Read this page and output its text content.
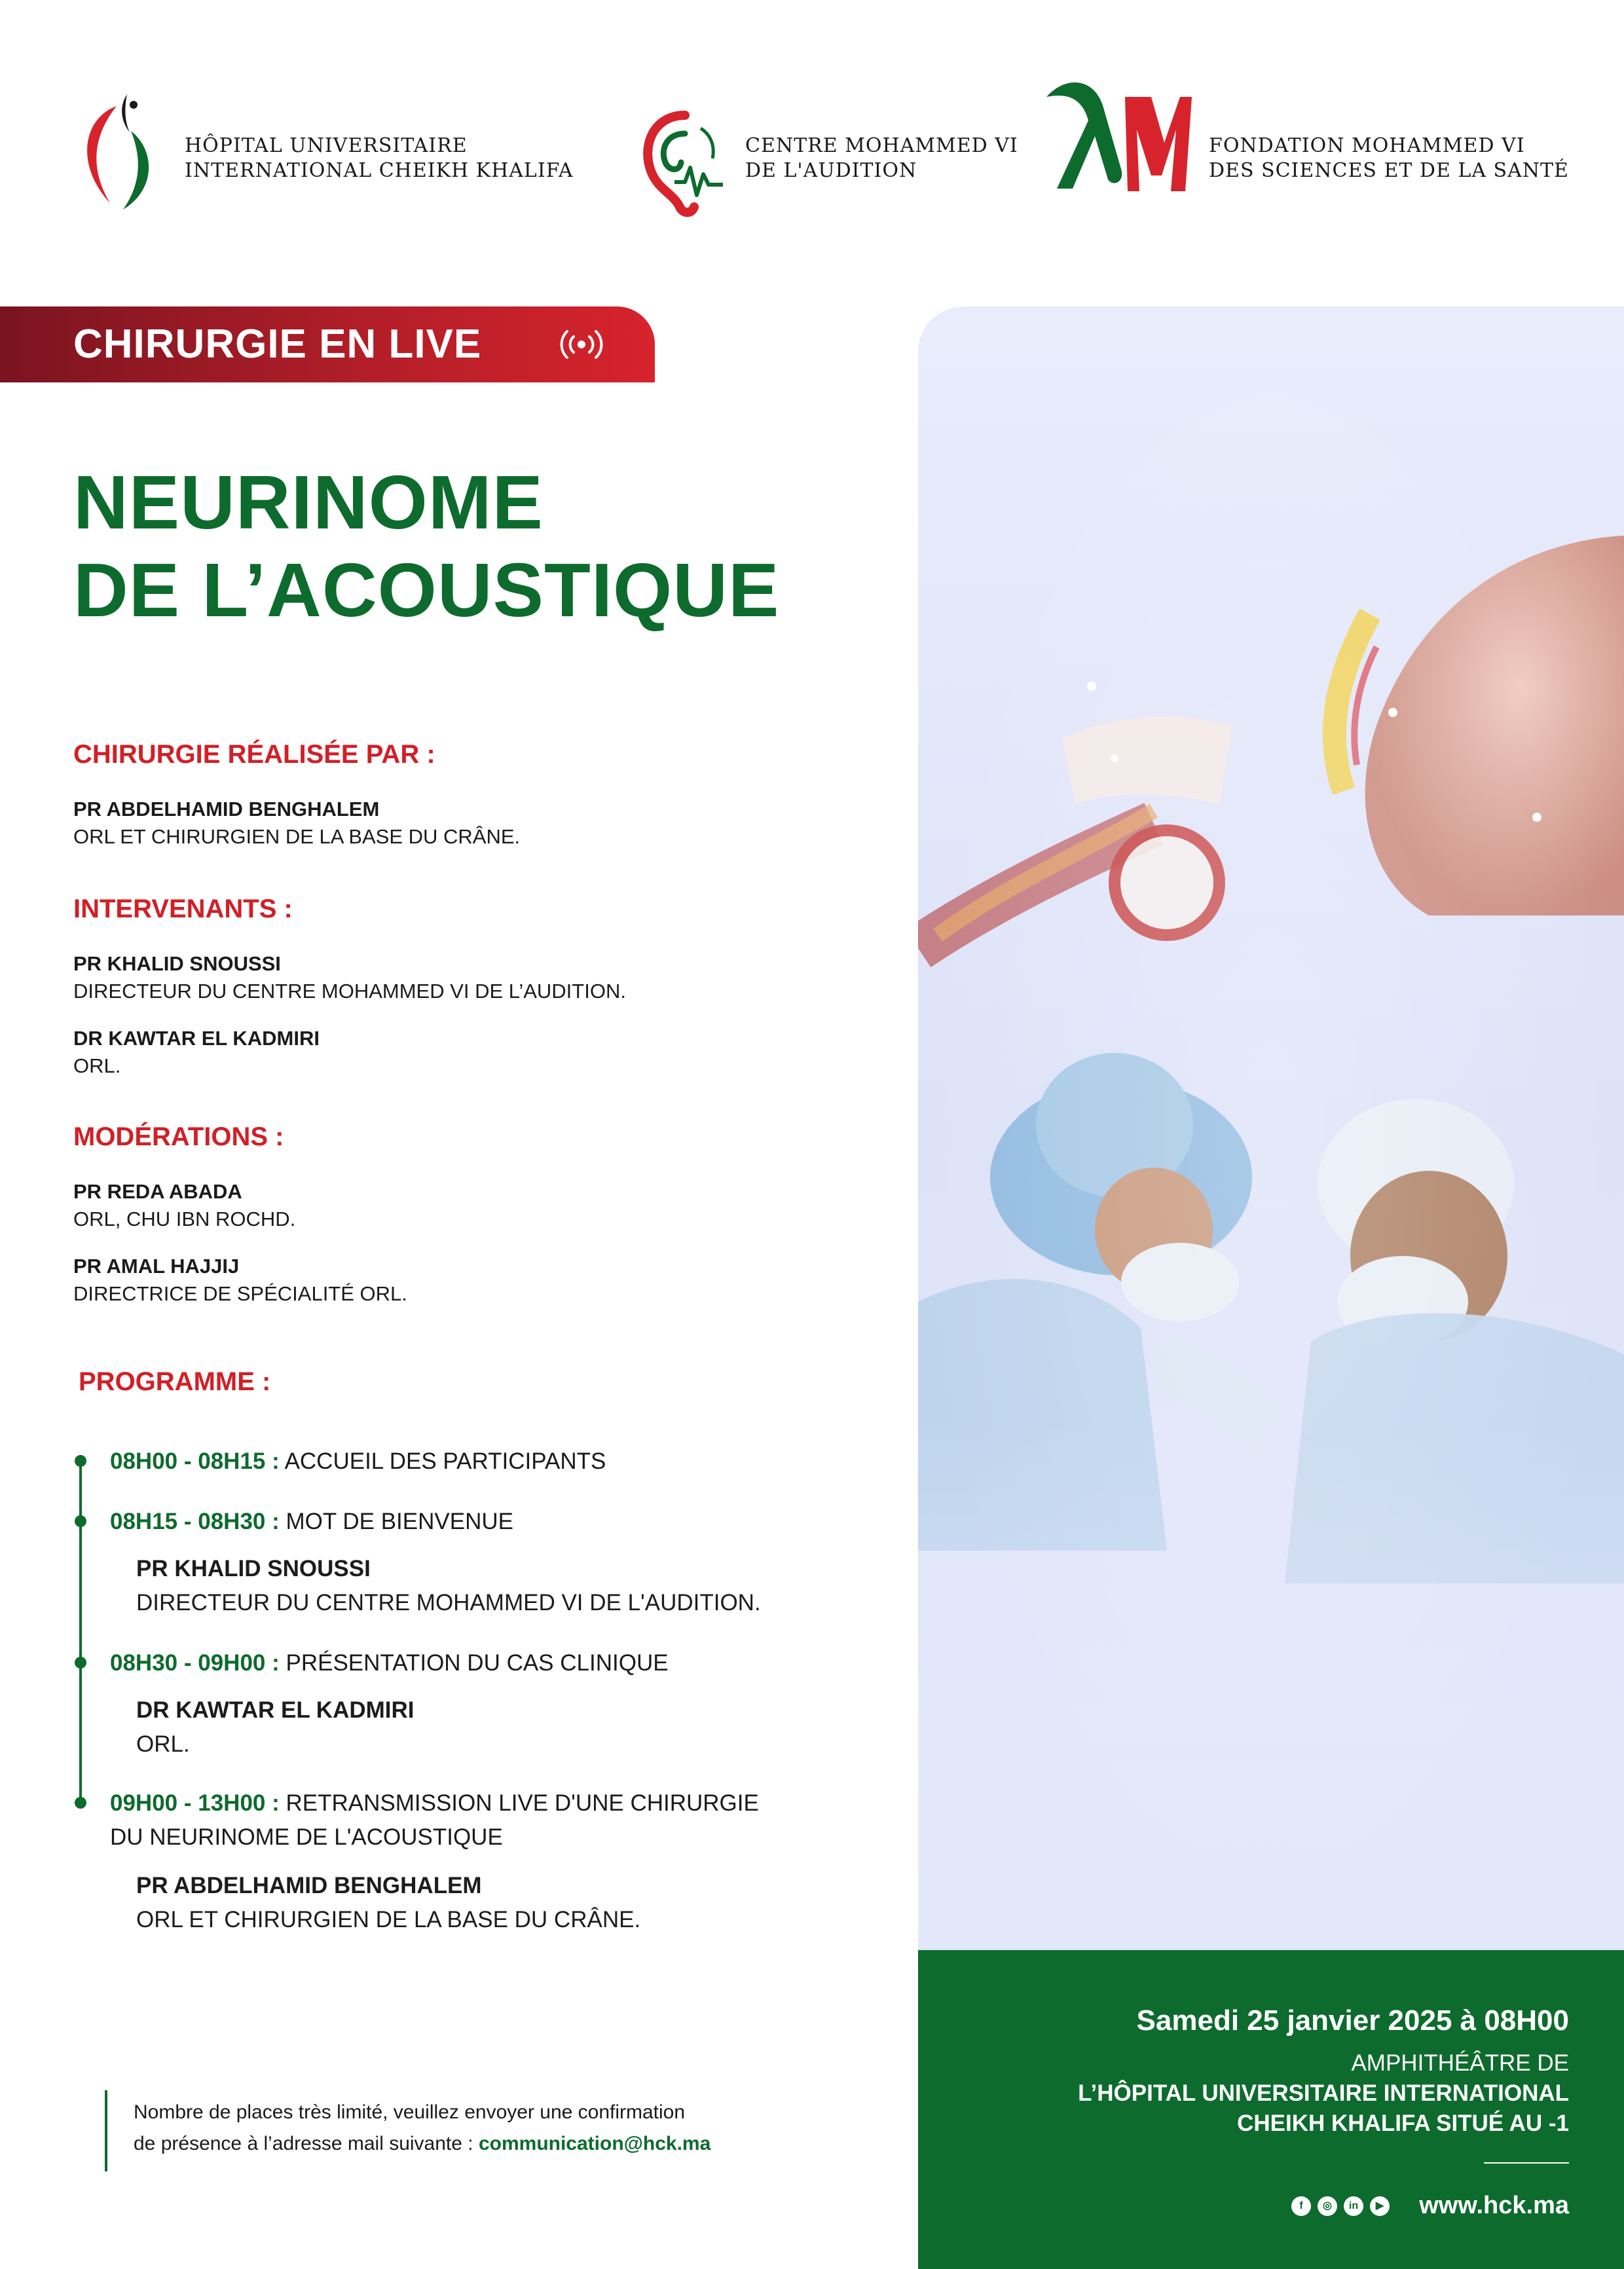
HÔPITAL UNIVERSITAIRE
INTERNATIONAL CHEIKH KHALIFA
CENTRE MOHAMMED VI
DE L'AUDITION
FONDATION MOHAMMED VI
DES SCIENCES ET DE LA SANTÉ
CHIRURGIE EN LIVE
NEURINOME
DE L’ACOUSTIQUE
CHIRURGIE RÉALISÉE PAR :
PR ABDELHAMID BENGHALEM
ORL ET CHIRURGIEN DE LA BASE DU CRÂNE.
INTERVENANTS :
PR KHALID SNOUSSI
DIRECTEUR DU CENTRE MOHAMMED VI DE L’AUDITION.
DR KAWTAR EL KADMIRI
ORL.
MODÉRATIONS :
PR REDA ABADA
ORL, CHU IBN ROCHD.
PR AMAL HAJJIJ
DIRECTRICE DE SPÉCIALITÉ ORL.
PROGRAMME :
08H00 - 08H15 : ACCUEIL DES PARTICIPANTS
08H15 - 08H30 : MOT DE BIENVENUE
PR KHALID SNOUSSI
DIRECTEUR DU CENTRE MOHAMMED VI DE L'AUDITION.
08H30 - 09H00 : PRÉSENTATION DU CAS CLINIQUE
DR KAWTAR EL KADMIRI
ORL.
09H00 - 13H00 : RETRANSMISSION LIVE D'UNE CHIRURGIE
DU NEURINOME DE L'ACOUSTIQUE
PR ABDELHAMID BENGHALEM
ORL ET CHIRURGIEN DE LA BASE DU CRÂNE.
Samedi 25 janvier 2025 à 08H00
AMPHITHÉÂTRE DE
L’HÔPITAL UNIVERSITAIRE INTERNATIONAL
CHEIKH KHALIFA SITUÉ AU -1
f	◎	in	▶ www.hck.ma
Nombre de places très limité, veuillez envoyer une confirmation
de présence à l’adresse mail suivante : communication@hck.ma
